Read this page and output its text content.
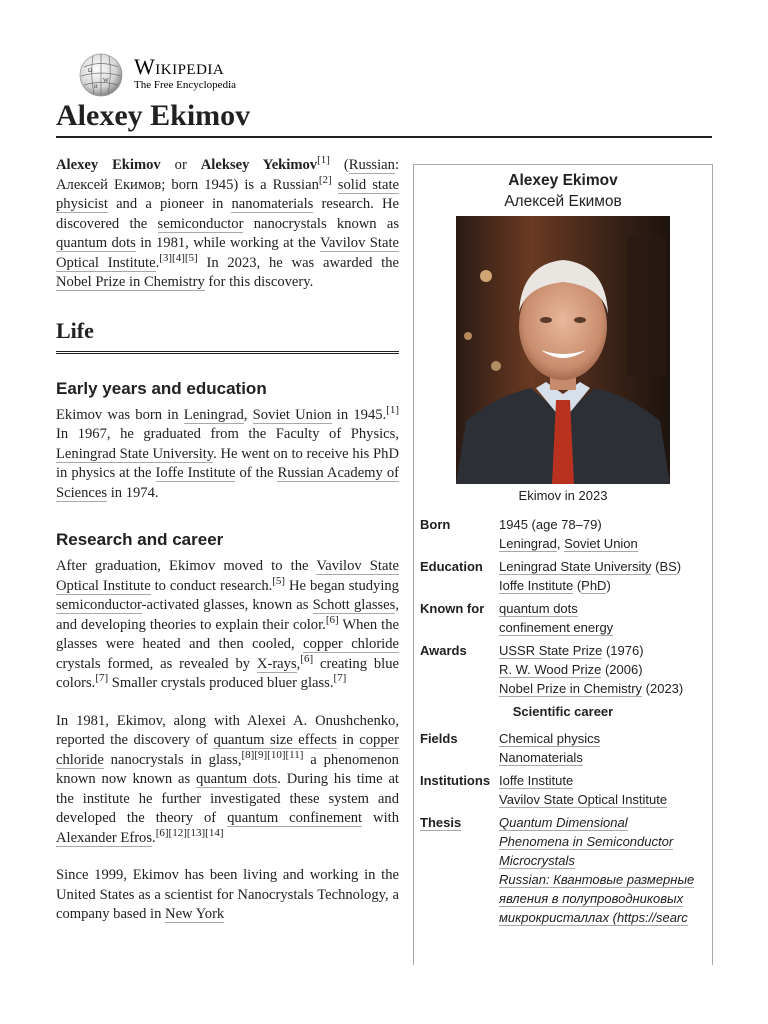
Ω
W
И
Wikipedia
The Free Encyclopedia
Alexey Ekimov

Alexey Ekimov or Aleksey Yekimov[1] (Russian: Алексей Екимов; born 1945) is a Russian[2] solid state physicist and a pioneer in nanomaterials research. He discovered the semiconductor nanocrystals known as quantum dots in 1981, while working at the Vavilov State Optical Institute.[3][4][5] In 2023, he was awarded the Nobel Prize in Chemistry for this discovery.

Life
Early years and education

Ekimov was born in Leningrad, Soviet Union in 1945.[1] In 1967, he graduated from the Faculty of Physics, Leningrad State University. He went on to receive his PhD in physics at the Ioffe Institute of the Russian Academy of Sciences in 1974.

Research and career

After graduation, Ekimov moved to the Vavilov State Optical Institute to conduct research.[5] He began studying semiconductor-activated glasses, known as Schott glasses, and developing theories to explain their color.[6] When the glasses were heated and then cooled, copper chloride crystals formed, as revealed by X-rays,[6] creating blue colors.[7] Smaller crystals produced bluer glass.[7]

In 1981, Ekimov, along with Alexei A. Onushchenko, reported the discovery of quantum size effects in copper chloride nanocrystals in glass,[8][9][10][11] a phenomenon known now known as quantum dots. During his time at the institute he further investigated these system and developed the theory of quantum confinement with Alexander Efros.[6][12][13][14]

Since 1999, Ekimov has been living and working in the United States as a scientist for Nanocrystals Technology, a company based in New York

Alexey Ekimov
Алексей Екимов
Ekimov in 2023
Born	1945 (age 78–79)
Leningrad, Soviet Union
Education	Leningrad State University (BS)
Ioffe Institute (PhD)
Known for	quantum dots
confinement energy
Awards	USSR State Prize (1976)
R. W. Wood Prize (2006)
Nobel Prize in Chemistry (2023)
Scientific career
Fields	Chemical physics
Nanomaterials
Institutions Ioffe Institute
Vavilov State Optical Institute
Thesis	Quantum Dimensional
Phenomena in Semiconductor
Microcrystals
Russian: Квантовые размерные
явления в полупроводниковых
микрокристаллах (https://searc
